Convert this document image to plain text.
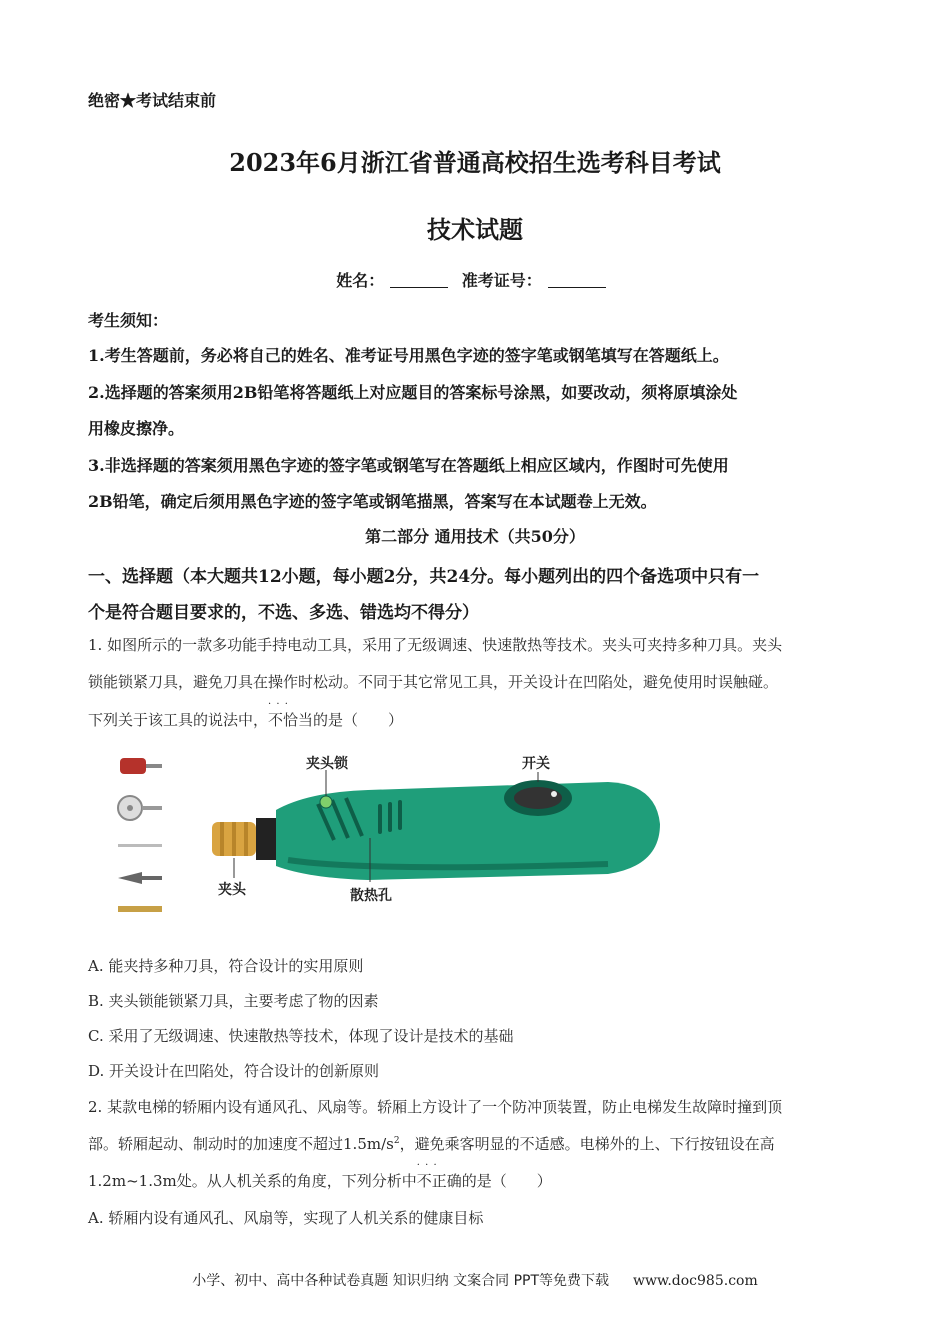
绝密★考试结束前
2023年6月浙江省普通高校招生选考科目考试
技术试题
姓名：	准考证号：
考生须知：
1.考生答题前，务必将自己的姓名、准考证号用黑色字迹的签字笔或钢笔填写在答题纸上。
2.选择题的答案须用2B铅笔将答题纸上对应题目的答案标号涂黑，如要改动，须将原填涂处
用橡皮擦净。
3.非选择题的答案须用黑色字迹的签字笔或钢笔写在答题纸上相应区域内，作图时可先使用
2B铅笔，确定后须用黑色字迹的签字笔或钢笔描黑，答案写在本试题卷上无效。
第二部分 通用技术（共50分）
一、选择题（本大题共12小题，每小题2分，共24分。每小题列出的四个备选项中只有一
个是符合题目要求的，不选、多选、错选均不得分）
1. 如图所示的一款多功能手持电动工具，采用了无级调速、快速散热等技术。夹头可夹持多种刀具。夹头
锁能锁紧刀具，避免刀具在操作时松动。不同于其它常见工具，开关设计在凹陷处，避免使用时误触碰。
下列关于该工具的说法中，不恰当 · · ·的是（　　）
夹头锁	开关
夹头	散热孔
A. 能夹持多种刀具，符合设计的实用原则
B. 夹头锁能锁紧刀具，主要考虑了物的因素
C. 采用了无级调速、快速散热等技术，体现了设计是技术的基础
D. 开关设计在凹陷处，符合设计的创新原则
2. 某款电梯的轿厢内设有通风孔、风扇等。轿厢上方设计了一个防冲顶装置，防止电梯发生故障时撞到顶
部。轿厢起动、制动时的加速度不超过$1.5m/s^2$，避免乘客明显的不适感。电梯外的上、下行按钮设在高
1.2m~1.3m处。从人机关系的角度，下列分析中不正确 · · ·的是（　　）
A. 轿厢内设有通风孔、风扇等，实现了人机关系的健康目标
小学、初中、高中各种试卷真题 知识归纳 文案合同 PPT等免费下载 www.doc985.com
